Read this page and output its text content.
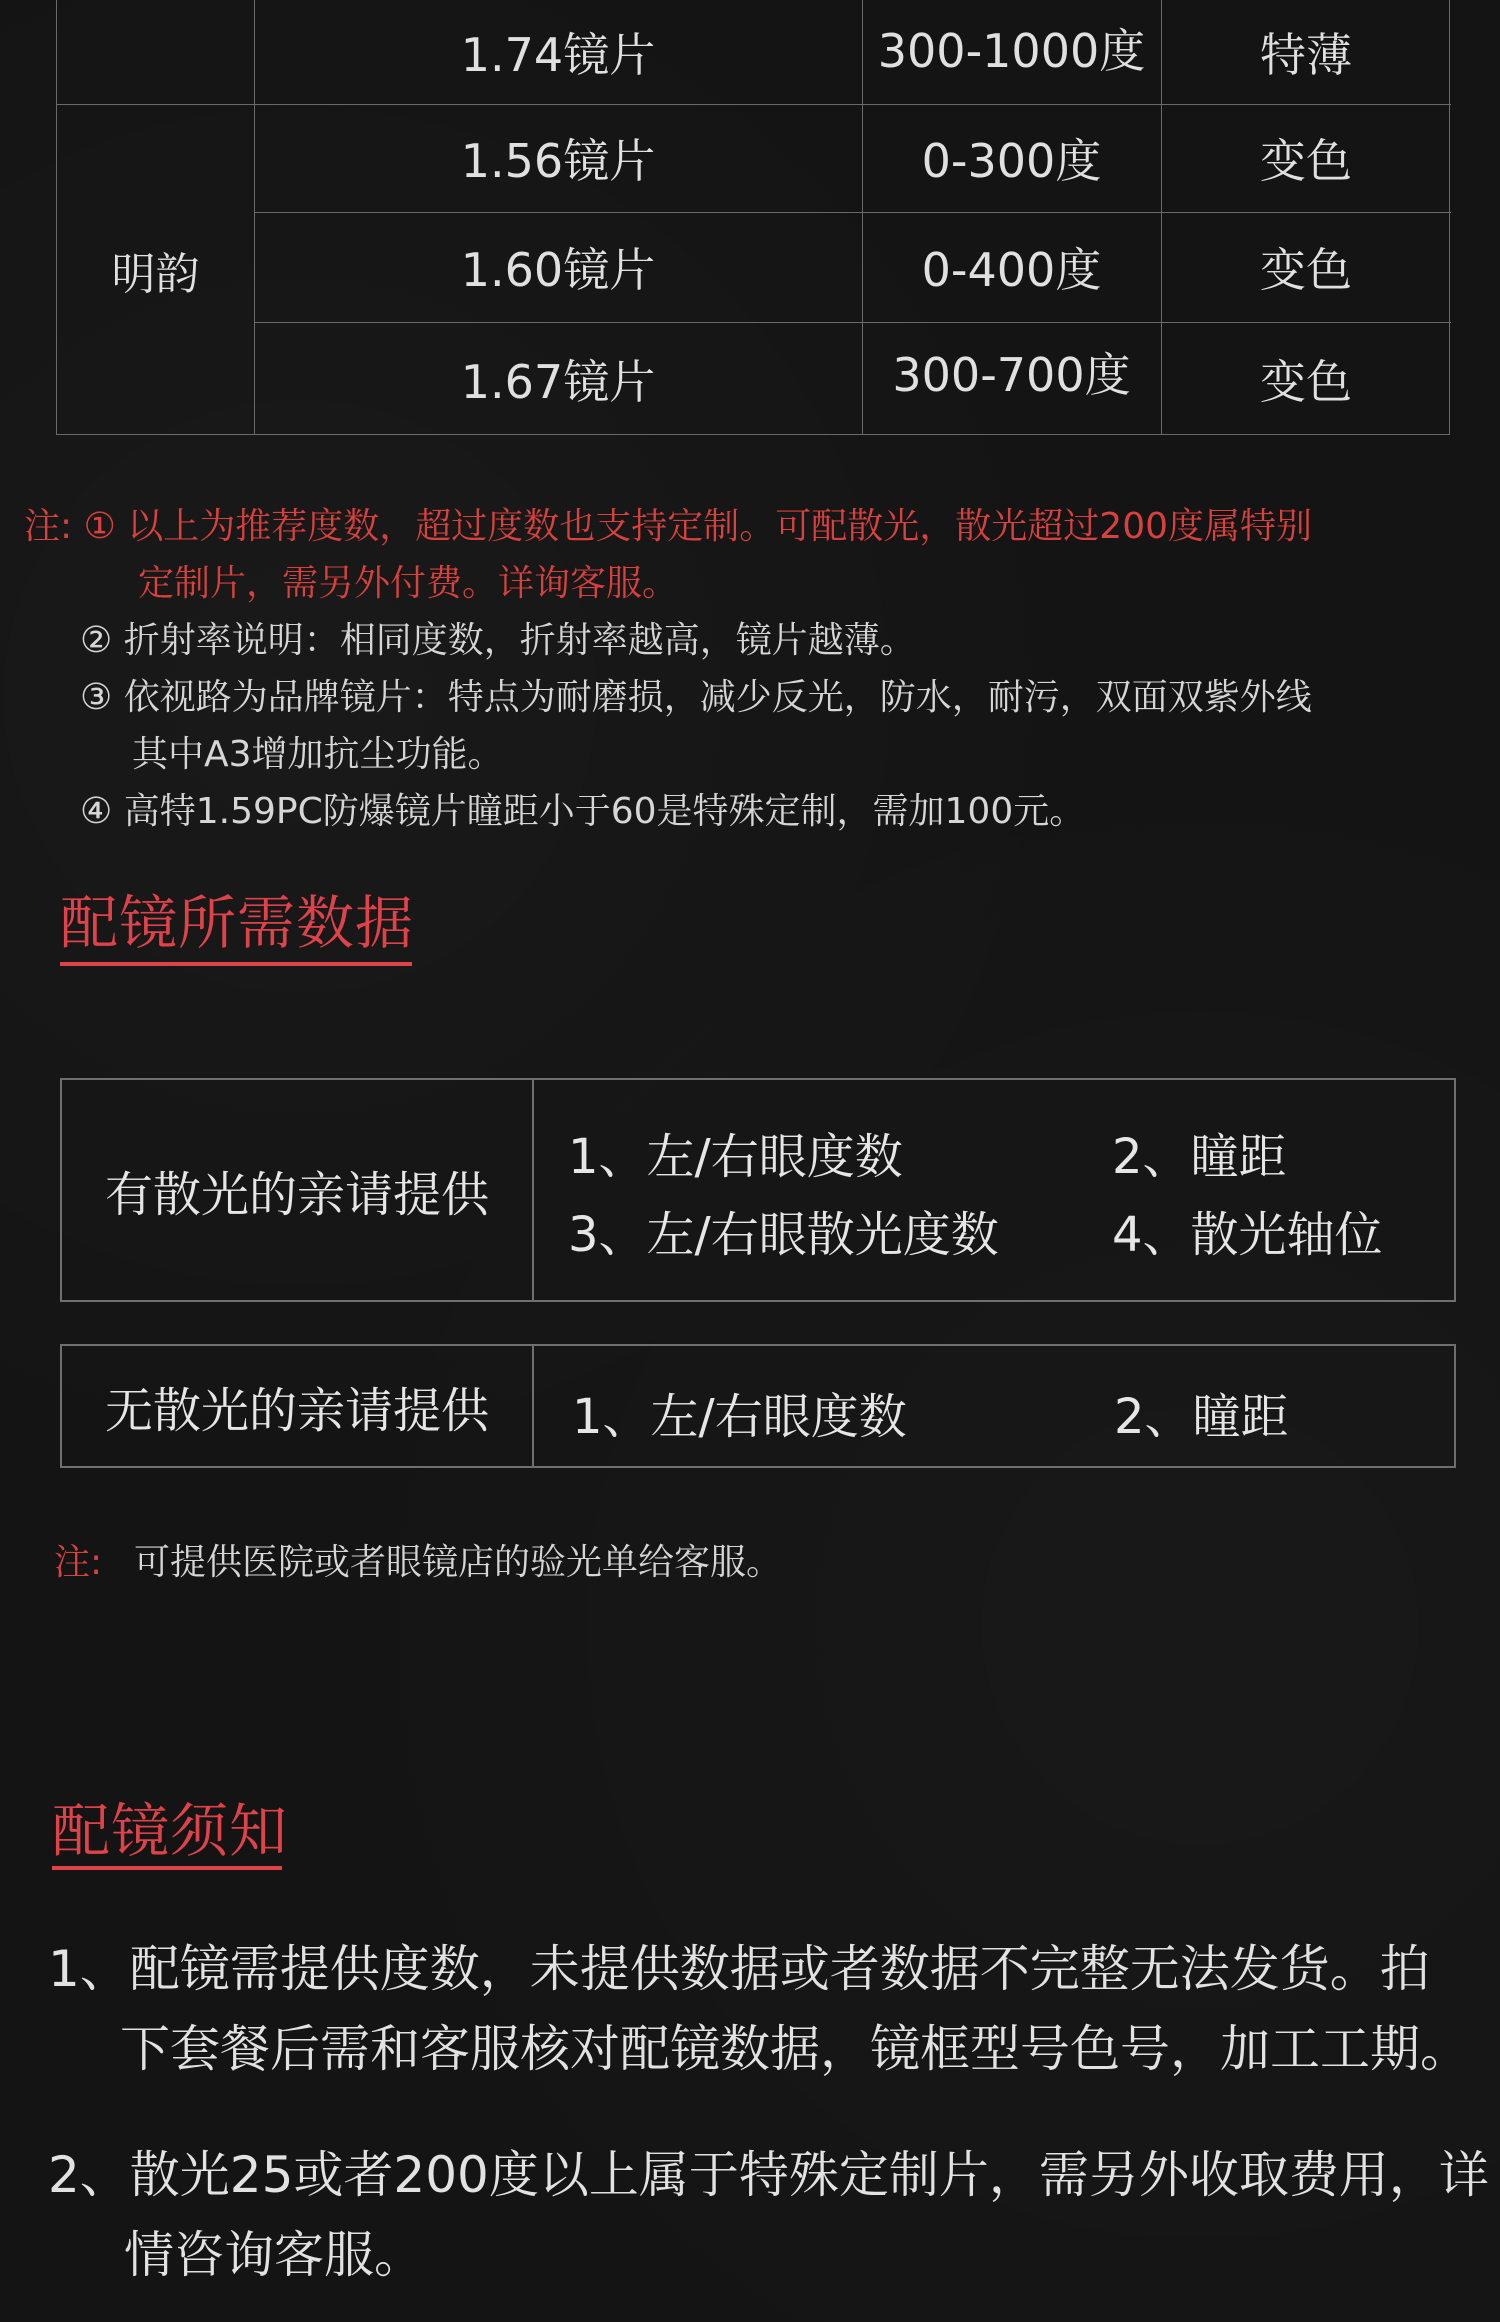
1.74镜片	300-1000度	特薄
明韵
1.56镜片	0-300度	变色
1.60镜片	0-400度	变色
1.67镜片	300-700度	变色
注: ① 以上为推荐度数，超过度数也支持定制。可配散光，散光超过200度属特别
定制片，需另外付费。详询客服。
② 折射率说明：相同度数，折射率越高，镜片越薄。
③ 依视路为品牌镜片：特点为耐磨损，减少反光，防水，耐污，双面双紫外线
其中A3增加抗尘功能。
④ 高特1.59PC防爆镜片瞳距小于60是特殊定制，需加100元。
配镜所需数据
有散光的亲请提供
1、左/右眼度数	2、瞳距
3、左/右眼散光度数 4、散光轴位
无散光的亲请提供	1、左/右眼度数	2、瞳距
注: 可提供医院或者眼镜店的验光单给客服。
配镜须知
1、配镜需提供度数，未提供数据或者数据不完整无法发货。拍
下套餐后需和客服核对配镜数据，镜框型号色号，加工工期。
2、散光25或者200度以上属于特殊定制片，需另外收取费用，详
情咨询客服。
